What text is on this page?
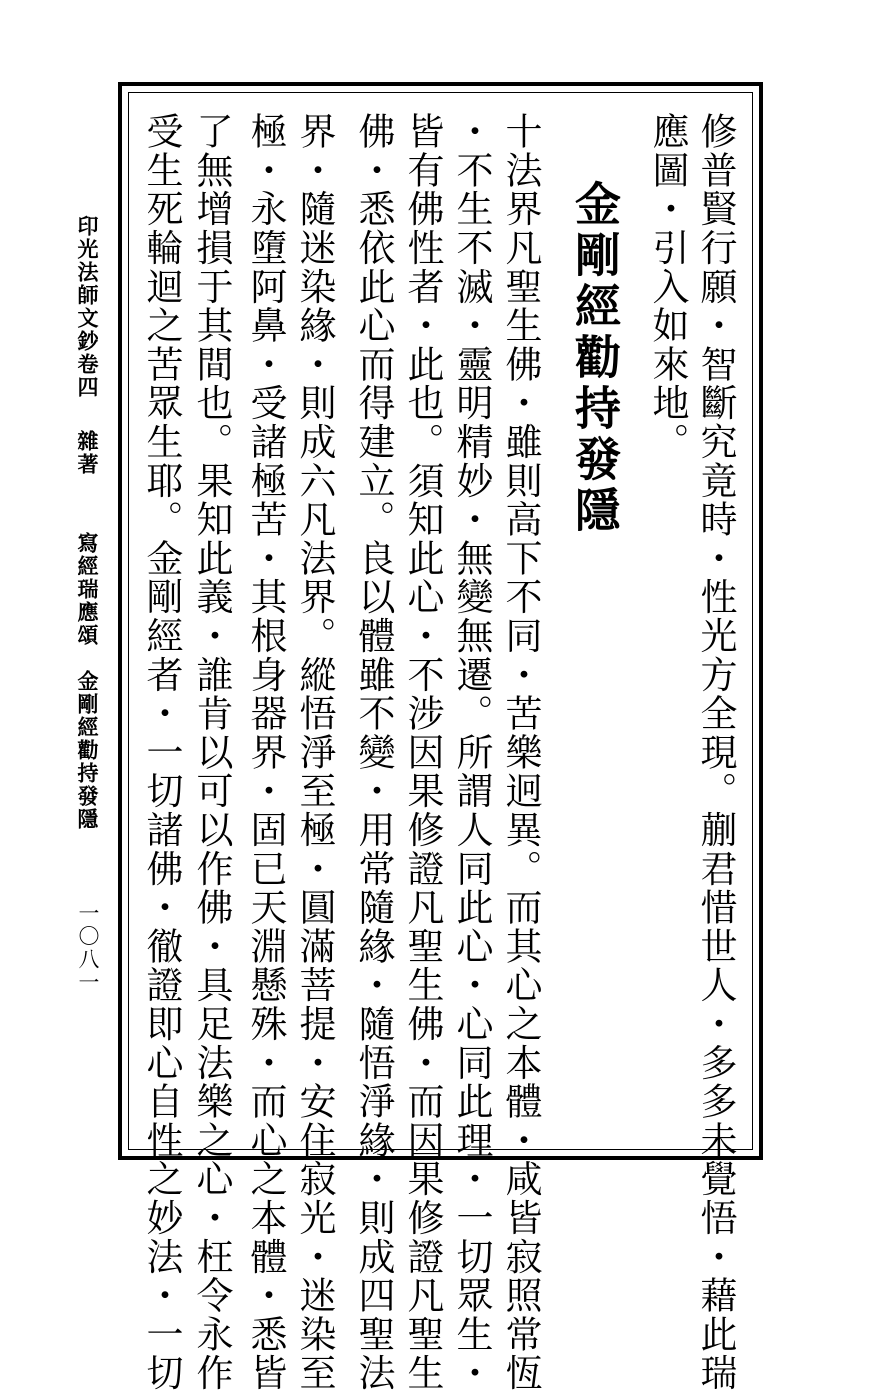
修普賢行願・智斷究竟時・性光方全現。蒯君惜世人・多多未覺悟・藉此瑞
應圖・引入如來地。
金剛經勸持發隱
十法界凡聖生佛・雖則高下不同・苦樂迥異。而其心之本體・咸皆寂照常恆
・不生不滅・靈明精妙・無變無遷。所謂人同此心・心同此理・一切眾生・
皆有佛性者・此也。須知此心・不涉因果修證凡聖生佛・而因果修證凡聖生
佛・悉依此心而得建立。良以體雖不變・用常隨緣・隨悟淨緣・則成四聖法
界・隨迷染緣・則成六凡法界。縱悟淨至極・圓滿菩提・安住寂光・迷染至
極・永墮阿鼻・受諸極苦・其根身器界・固已天淵懸殊・而心之本體・悉皆
了無增損于其間也。果知此義・誰肯以可以作佛・具足法樂之心・枉令永作
受生死輪迴之苦眾生耶。金剛經者・一切諸佛・徹證即心自性之妙法・一切
印光法師文鈔卷四
雜著
寫經瑞應頌　金剛經勸持發隱
一〇八一
